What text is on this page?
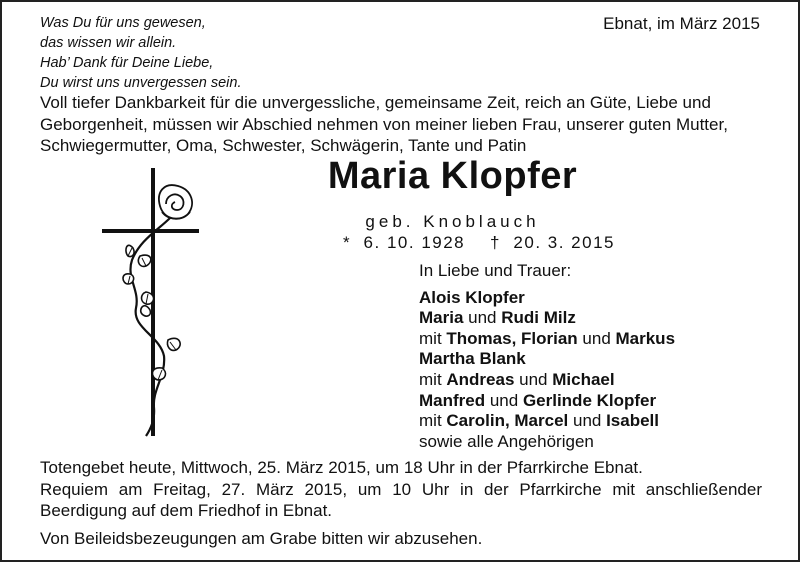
Was Du für uns gewesen,
das wissen wir allein.
Hab’ Dank für Deine Liebe,
Du wirst uns unvergessen sein.
Ebnat, im März 2015
Voll tiefer Dankbarkeit für die unvergessliche, gemeinsame Zeit, reich an Güte, Liebe und
Geborgenheit, müssen wir Abschied nehmen von meiner lieben Frau, unserer guten Mutter,
Schwiegermutter, Oma, Schwester, Schwägerin, Tante und Patin
Maria Klopfer
geb. Knoblauch
*  6. 10. 1928    †  20. 3. 2015
In Liebe und Trauer:
Alois Klopfer
Maria und Rudi Milz
mit Thomas, Florian und Markus
Martha Blank
mit Andreas und Michael
Manfred und Gerlinde Klopfer
mit Carolin, Marcel und Isabell
sowie alle Angehörigen
Totengebet heute, Mittwoch, 25. März 2015, um 18 Uhr in der Pfarrkirche Ebnat.
Requiem am Freitag, 27. März 2015, um 10 Uhr in der Pfarrkirche mit anschließender
Beerdigung auf dem Friedhof in Ebnat.
Von Beileidsbezeugungen am Grabe bitten wir abzusehen.
